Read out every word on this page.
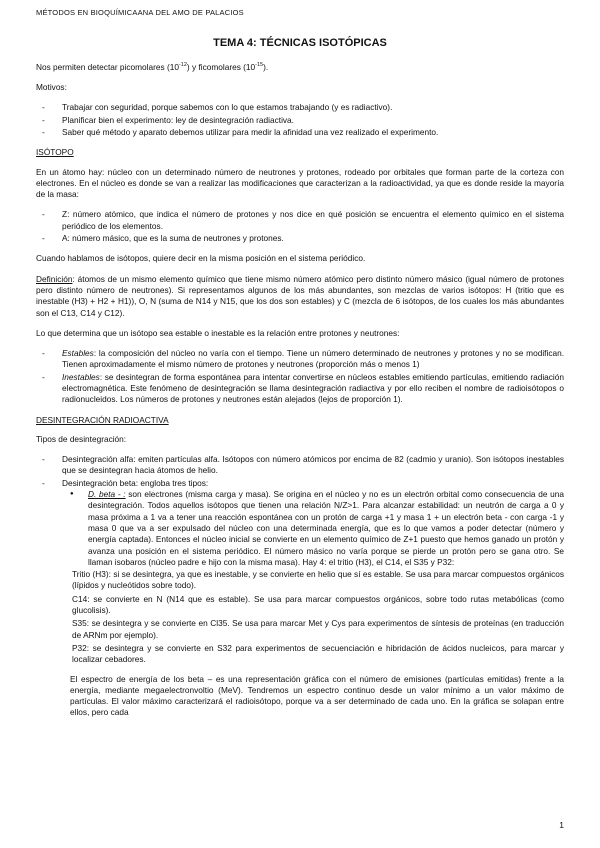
MÉTODOS EN BIOQUÍMICAANA DEL AMO DE PALACIOS
TEMA 4: TÉCNICAS ISOTÓPICAS

Nos permiten detectar picomolares $(10^{-12})$ y ficomolares $(10^{-15})$.

Motivos:

- Trabajar con seguridad, porque sabemos con lo que estamos trabajando (y es radiactivo).
- Planificar bien el experimento: ley de desintegración radiactiva.
- Saber qué método y aparato debemos utilizar para medir la afinidad una vez realizado el experimento.
ISÓTOPO

En un átomo hay: núcleo con un determinado número de neutrones y protones, rodeado por orbitales que forman parte de la corteza con electrones. En el núcleo es donde se van a realizar las modificaciones que caracterizan a la radioactividad, ya que es donde reside la mayoría de la masa:

- Z: número atómico, que indica el número de protones y nos dice en qué posición se encuentra el elemento químico en el sistema periódico de los elementos.
- A: número másico, que es la suma de neutrones y protones.

Cuando hablamos de isótopos, quiere decir en la misma posición en el sistema periódico.

Definición: átomos de un mismo elemento químico que tiene mismo número atómico pero distinto número másico (igual número de protones pero distinto número de neutrones). Si representamos algunos de los más abundantes, son mezclas de varios isótopos: H (tritio que es inestable (H3) + H2 + H1)), O, N (suma de N14 y N15, que los dos son estables) y C (mezcla de 6 isótopos, de los cuales los más abundantes son el C13, C14 y C12).

Lo que determina que un isótopo sea estable o inestable es la relación entre protones y neutrones:

- Estables: la composición del núcleo no varía con el tiempo. Tiene un número determinado de neutrones y protones y no se modifican. Tienen aproximadamente el mismo número de protones y neutrones (proporción más o menos 1)
- Inestables: se desintegran de forma espontánea para intentar convertirse en núcleos estables emitiendo partículas, emitiendo radiación electromagnética. Este fenómeno de desintegración se llama desintegración radiactiva y por ello reciben el nombre de radioisótopos o radionucleidos. Los números de protones y neutrones están alejados (lejos de proporción 1).
DESINTEGRACIÓN RADIOACTIVA

Tipos de desintegración:

- Desintegración alfa: emiten partículas alfa. Isótopos con número atómicos por encima de 82 (cadmio y uranio). Son isótopos inestables que se desintegran hacia átomos de helio.
- Desintegración beta: engloba tres tipos:
● D. beta - : son electrones (misma carga y masa). Se origina en el núcleo y no es un electrón orbital como consecuencia de una desintegración. Todos aquellos isótopos que tienen una relación N/Z>1. Para alcanzar estabilidad: un neutrón de carga a 0 y masa próxima a 1 va a tener una reacción espontánea con un protón de carga +1 y masa 1 + un electrón beta - con carga -1 y masa 0 que va a ser expulsado del núcleo con una determinada energía, que es lo que vamos a poder detectar (número y energía captada). Entonces el núcleo inicial se convierte en un elemento químico de Z+1 puesto que hemos ganado un protón y avanza una posición en el sistema periódico. El número másico no varía porque se pierde un protón pero se gana otro. Se llaman isobaros (núcleo padre e hijo con la misma masa). Hay 4: el tritio (H3), el C14, el S35 y P32:

Tritio (H3): si se desintegra, ya que es inestable, y se convierte en helio que sí es estable. Se usa para marcar compuestos orgánicos (lípidos y nucleótidos sobre todo).

C14: se convierte en N (N14 que es estable). Se usa para marcar compuestos orgánicos, sobre todo rutas metabólicas (como glucolisis).

S35: se desintegra y se convierte en Cl35. Se usa para marcar Met y Cys para experimentos de síntesis de proteínas (en traducción de ARNm por ejemplo).

P32: se desintegra y se convierte en S32 para experimentos de secuenciación e hibridación de ácidos nucleicos, para marcar y localizar cebadores.

El espectro de energía de los beta – es una representación gráfica con el número de emisiones (partículas emitidas) frente a la energía, mediante megaelectronvoltio (MeV). Tendremos un espectro continuo desde un valor mínimo a un valor máximo de partículas. El valor máximo caracterizará el radioisótopo, porque va a ser determinado de cada uno. En la gráfica se solapan entre ellos, pero cada

1
